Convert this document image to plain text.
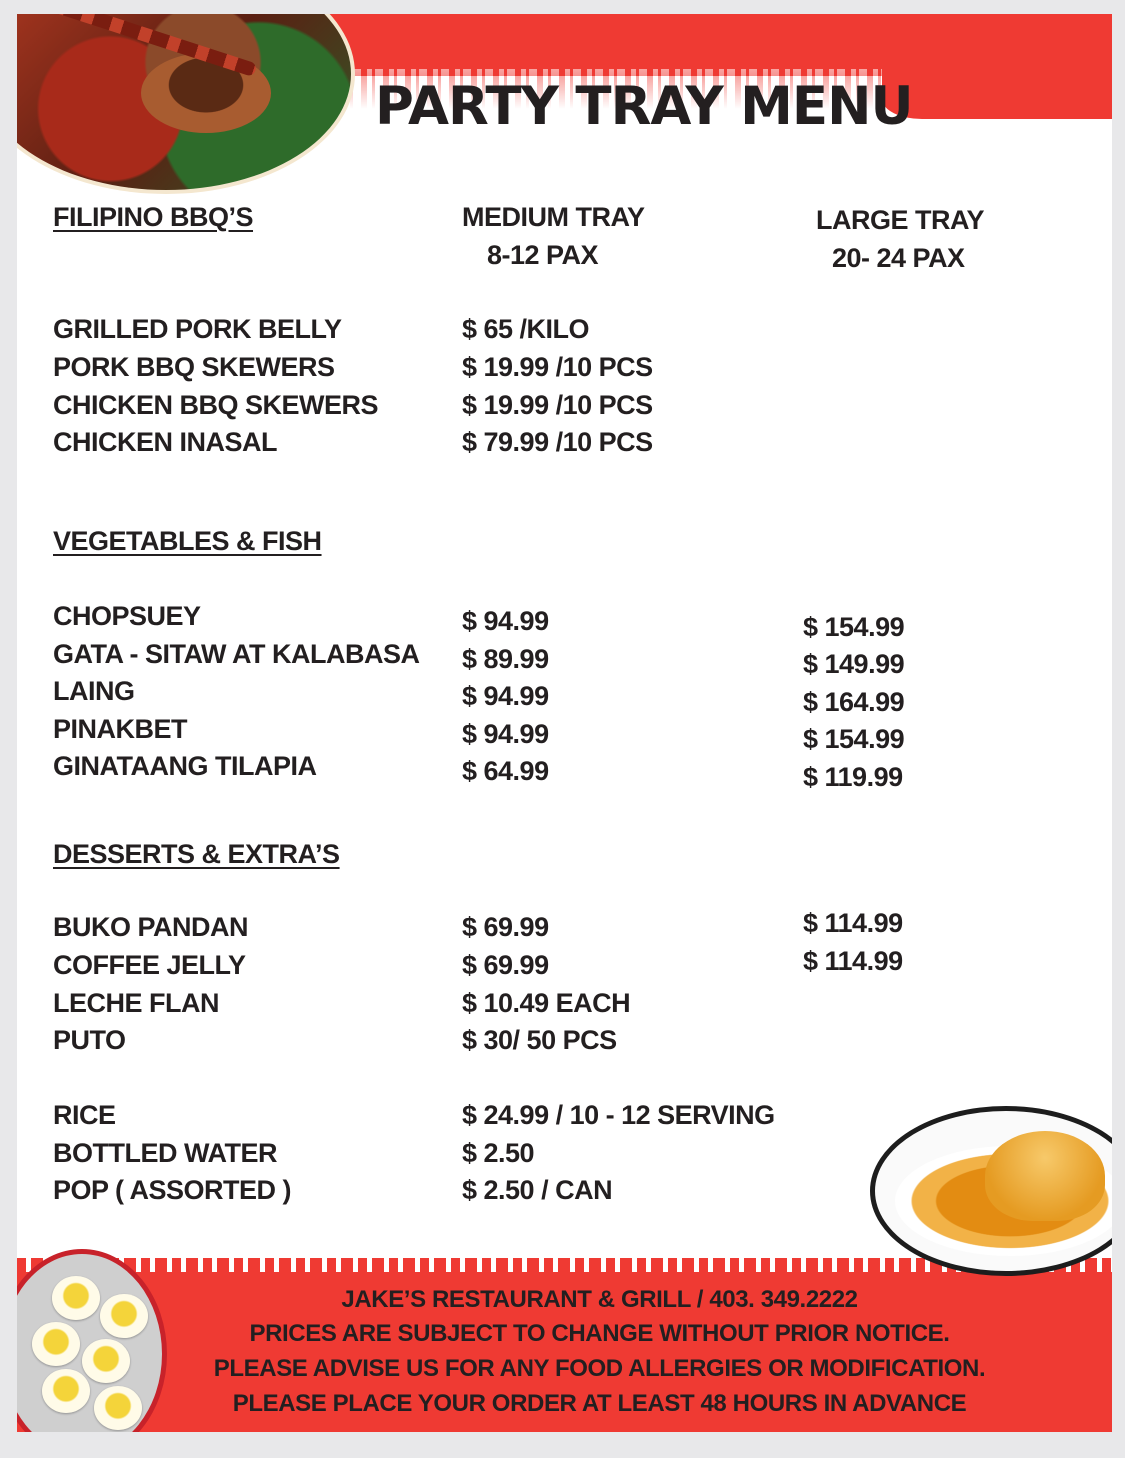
PARTY TRAY MENU
FILIPINO BBQ’S	MEDIUM TRAY
8-12 PAX
LARGE TRAY
20- 24 PAX
GRILLED PORK BELLY	$ 65 /KILO
PORK BBQ SKEWERS	$ 19.99 /10 PCS
CHICKEN BBQ SKEWERS	$ 19.99 /10 PCS
CHICKEN INASAL	$ 79.99 /10 PCS
VEGETABLES & FISH
CHOPSUEY	$ 94.99	$ 154.99
GATA - SITAW AT KALABASA $ 89.99	$ 149.99
LAING	$ 94.99	$ 164.99
PINAKBET	$ 94.99	$ 154.99
GINATAANG TILAPIA	$ 64.99	$ 119.99
DESSERTS & EXTRA’S
BUKO PANDAN	$ 69.99	$ 114.99
COFFEE JELLY	$ 69.99	$ 114.99
LECHE FLAN	$ 10.49 EACH
PUTO	$ 30/ 50 PCS
RICE	$ 24.99 / 10 - 12 SERVING
BOTTLED WATER	$ 2.50
POP ( ASSORTED )	$ 2.50 / CAN
JAKE’S RESTAURANT & GRILL / 403. 349.2222
PRICES ARE SUBJECT TO CHANGE WITHOUT PRIOR NOTICE.
PLEASE ADVISE US FOR ANY FOOD ALLERGIES OR MODIFICATION.
PLEASE PLACE YOUR ORDER AT LEAST 48 HOURS IN ADVANCE
